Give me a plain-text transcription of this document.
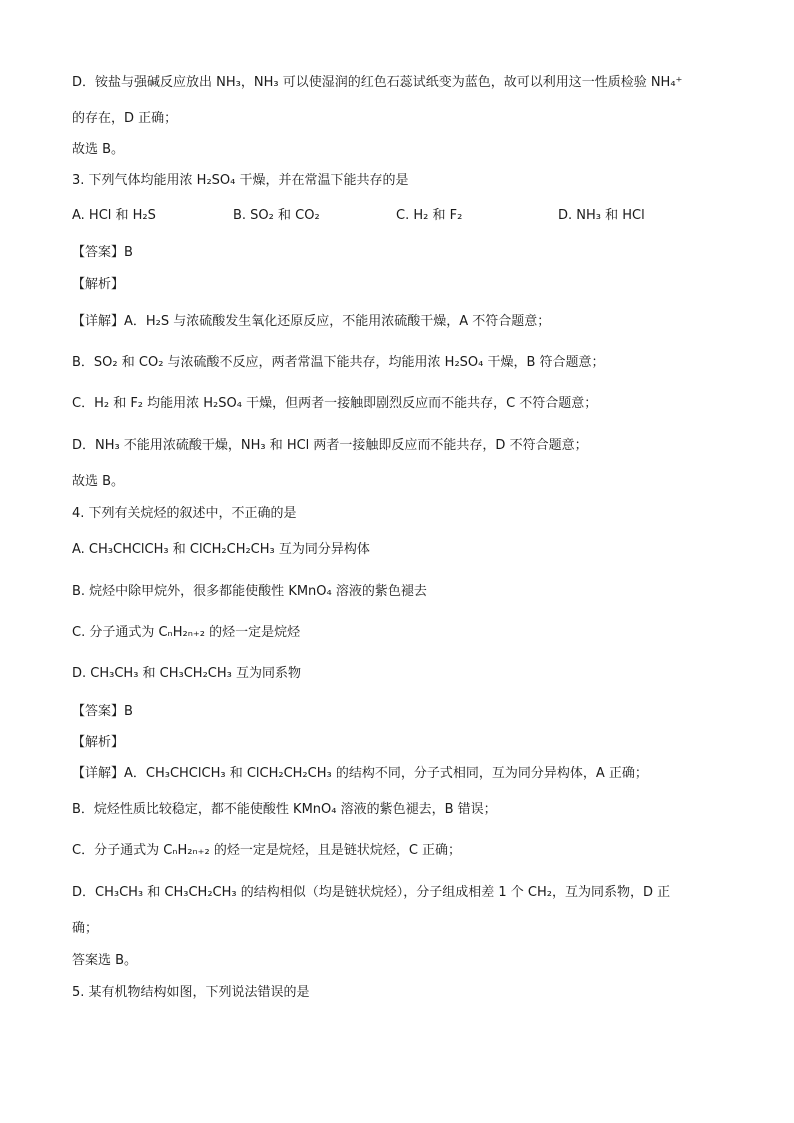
D．铵盐与强碱反应放出 NH₃，NH₃ 可以使湿润的红色石蕊试纸变为蓝色，故可以利用这一性质检验 NH₄⁺
的存在，D 正确；
故选 B。
3. 下列气体均能用浓 H₂SO₄ 干燥，并在常温下能共存的是
A. HCl 和 H₂S	B. SO₂ 和 CO₂	C. H₂ 和 F₂	D. NH₃ 和 HCl
【答案】B
【解析】
【详解】A．H₂S 与浓硫酸发生氧化还原反应，不能用浓硫酸干燥，A 不符合题意；
B．SO₂ 和 CO₂ 与浓硫酸不反应，两者常温下能共存，均能用浓 H₂SO₄ 干燥，B 符合题意；
C．H₂ 和 F₂ 均能用浓 H₂SO₄ 干燥，但两者一接触即剧烈反应而不能共存，C 不符合题意；
D．NH₃ 不能用浓硫酸干燥，NH₃ 和 HCl 两者一接触即反应而不能共存，D 不符合题意；
故选 B。
4. 下列有关烷烃的叙述中，不正确的是
A. CH₃CHClCH₃ 和 ClCH₂CH₂CH₃ 互为同分异构体
B. 烷烃中除甲烷外，很多都能使酸性 KMnO₄ 溶液的紫色褪去
C. 分子通式为 CₙH₂ₙ₊₂ 的烃一定是烷烃
D. CH₃CH₃ 和 CH₃CH₂CH₃ 互为同系物
【答案】B
【解析】
【详解】A．CH₃CHClCH₃ 和 ClCH₂CH₂CH₃ 的结构不同，分子式相同，互为同分异构体，A 正确；
B．烷烃性质比较稳定，都不能使酸性 KMnO₄ 溶液的紫色褪去，B 错误；
C．分子通式为 CₙH₂ₙ₊₂ 的烃一定是烷烃，且是链状烷烃，C 正确；
D．CH₃CH₃ 和 CH₃CH₂CH₃ 的结构相似（均是链状烷烃），分子组成相差 1 个 CH₂，互为同系物，D 正
确；
答案选 B。
5. 某有机物结构如图，下列说法错误的是
